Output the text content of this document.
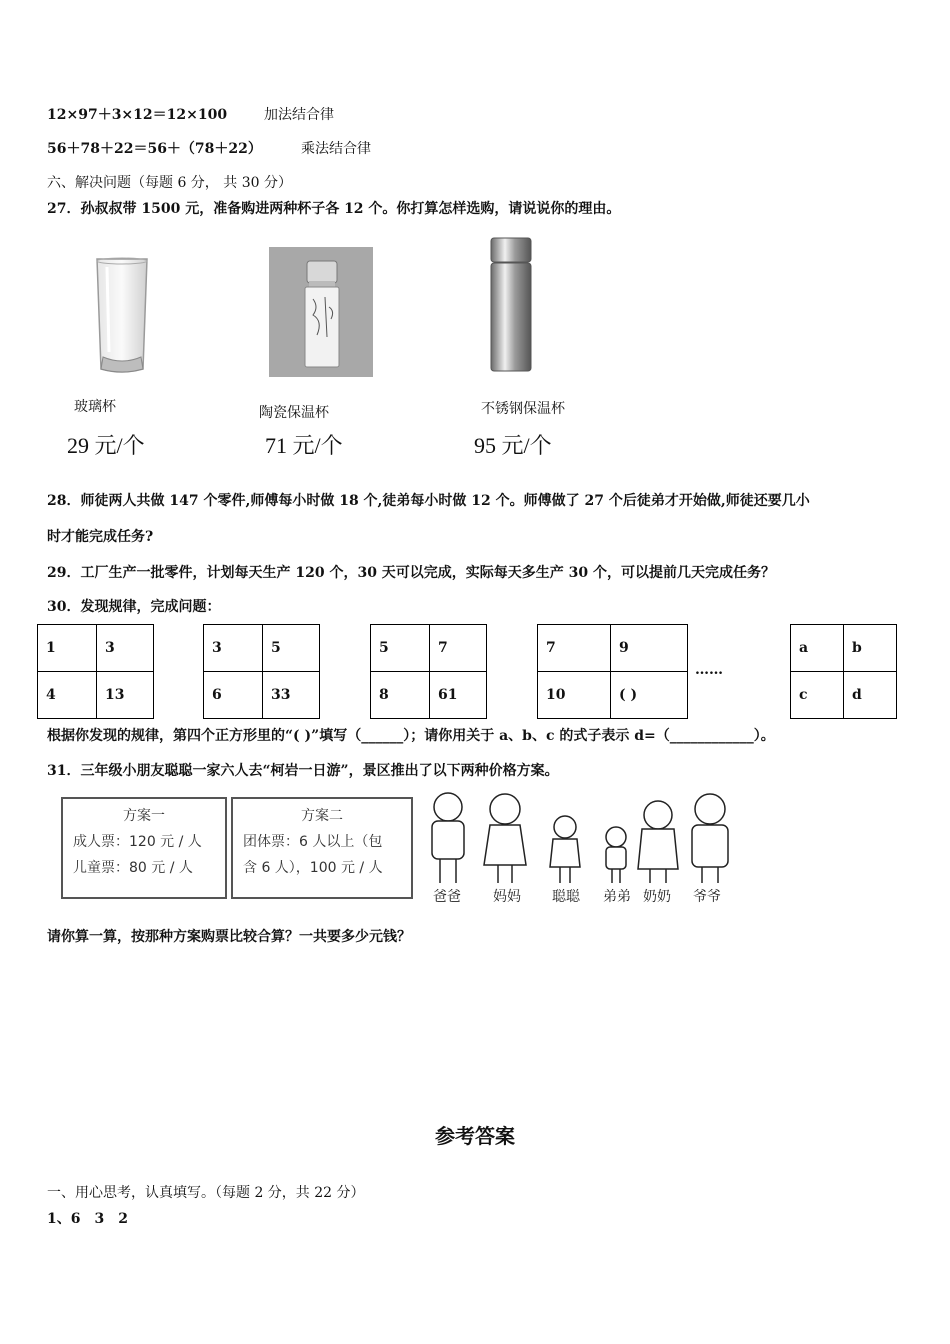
12×97＋3×12＝12×100	加法结合律
56＋78＋22＝56＋（78＋22）	乘法结合律
六、解决问题（每题 6 分， 共 30 分）
27．孙叔叔带 1500 元，准备购进两种杯子各 12 个。你打算怎样选购，请说说你的理由。
玻璃杯
29 元/个
陶瓷保温杯
71 元/个
不锈钢保温杯
95 元/个
28．师徒两人共做 147 个零件,师傅每小时做 18 个,徒弟每小时做 12 个。师傅做了 27 个后徒弟才开始做,师徒还要几小
时才能完成任务?
29．工厂生产一批零件，计划每天生产 120 个，30 天可以完成，实际每天多生产 30 个，可以提前几天完成任务？
30．发现规律，完成问题：
1	3
4	13
3	5
6	33
5	7
8	61
7	9
10	( )
……
a	b
c	d
根据你发现的规律，第四个正方形里的“( )”填写（______）；请你用关于 a、b、c 的式子表示 d=（____________）。
31．三年级小朋友聪聪一家六人去“柯岩一日游”，景区推出了以下两种价格方案。
方案一
成人票：120 元 / 人
儿童票：80 元 / 人
方案二
团体票：6 人以上（包
含 6 人），100 元 / 人
爸爸 妈妈 聪聪 弟弟 奶奶 爷爷
请你算一算，按那种方案购票比较合算？一共要多少元钱？
参考答案
一、用心思考，认真填写。（每题 2 分，共 22 分）
1、6　3　2
